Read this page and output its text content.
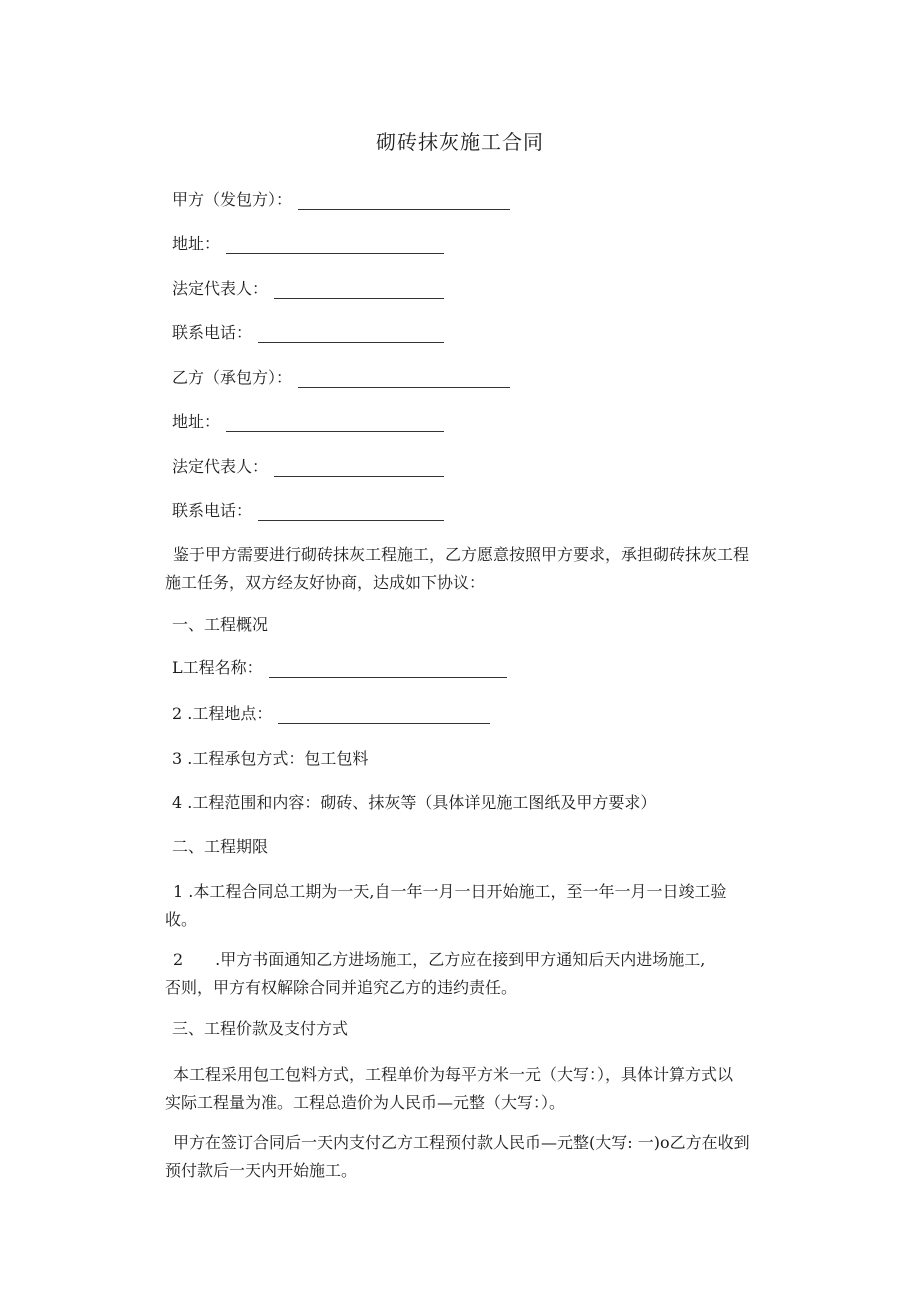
砌砖抹灰施工合同
甲方（发包方）：
地址：
法定代表人：
联系电话：
乙方（承包方）：
地址：
法定代表人：
联系电话：
鉴于甲方需要进行砌砖抹灰工程施工，乙方愿意按照甲方要求，承担砌砖抹灰工程
施工任务，双方经友好协商，达成如下协议：
一、工程概况
L工程名称：
2 .工程地点：
3 .工程承包方式：包工包料
4 .工程范围和内容：砌砖、抹灰等（具体详见施工图纸及甲方要求）
二、工程期限
1 .本工程合同总工期为一天,自一年一月一日开始施工，至一年一月一日竣工验
收。
2　　.甲方书面通知乙方进场施工，乙方应在接到甲方通知后天内进场施工,
否则，甲方有权解除合同并追究乙方的违约责任。
三、工程价款及支付方式
本工程采用包工包料方式，工程单价为每平方米一元（大写：），具体计算方式以
实际工程量为准。工程总造价为人民币—元整（大写：）。
甲方在签订合同后一天内支付乙方工程预付款人民币—元整(大写: 一)o乙方在收到
预付款后一天内开始施工。
